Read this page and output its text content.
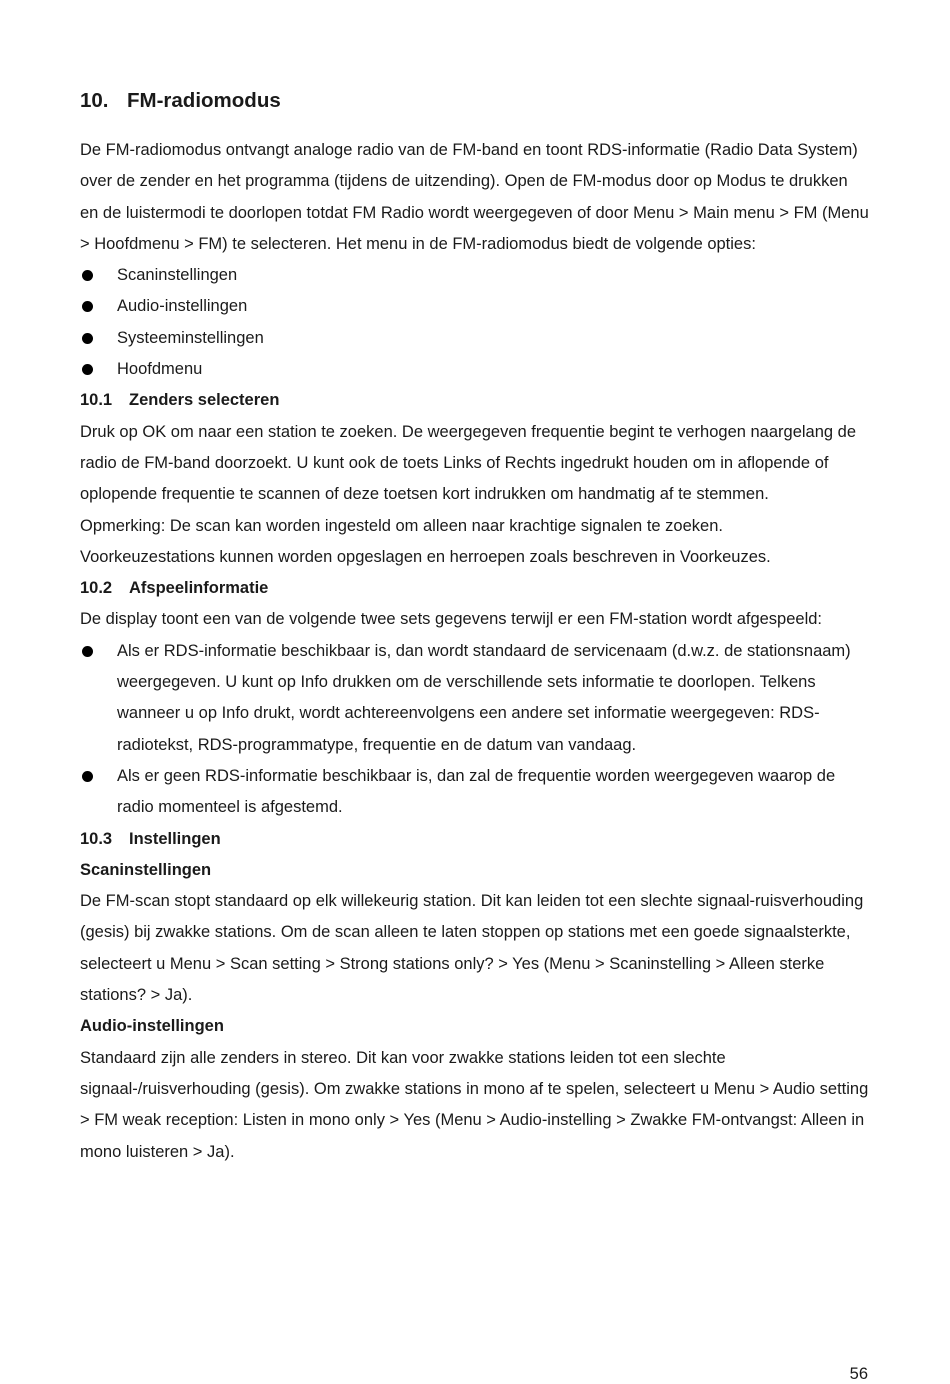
10. FM-radiomodus

De FM-radiomodus ontvangt analoge radio van de FM-band en toont RDS-informatie (Radio Data System) over de zender en het programma (tijdens de uitzending). Open de FM-modus door op Modus te drukken en de luistermodi te doorlopen totdat FM Radio wordt weergegeven of door Menu > Main menu > FM (Menu > Hoofdmenu > FM) te selecteren. Het menu in de FM-radiomodus biedt de volgende opties:

Scaninstellingen
Audio-instellingen
Systeeminstellingen
Hoofdmenu
10.1 Zenders selecteren

Druk op OK om naar een station te zoeken. De weergegeven frequentie begint te verhogen naargelang de radio de FM-band doorzoekt. U kunt ook de toets Links of Rechts ingedrukt houden om in aflopende of oplopende frequentie te scannen of deze toetsen kort indrukken om handmatig af te stemmen.

Opmerking: De scan kan worden ingesteld om alleen naar krachtige signalen te zoeken.

Voorkeuzestations kunnen worden opgeslagen en herroepen zoals beschreven in Voorkeuzes.

10.2 Afspeelinformatie

De display toont een van de volgende twee sets gegevens terwijl er een FM-station wordt afgespeeld:

Als er RDS-informatie beschikbaar is, dan wordt standaard de servicenaam (d.w.z. de stationsnaam) weergegeven. U kunt op Info drukken om de verschillende sets informatie te doorlopen. Telkens wanneer u op Info drukt, wordt achtereenvolgens een andere set informatie weergegeven: RDS-radiotekst, RDS-programmatype, frequentie en de datum van vandaag.
Als er geen RDS-informatie beschikbaar is, dan zal de frequentie worden weergegeven waarop de radio momenteel is afgestemd.
10.3 Instellingen
Scaninstellingen

De FM-scan stopt standaard op elk willekeurig station. Dit kan leiden tot een slechte signaal-ruisverhouding (gesis) bij zwakke stations. Om de scan alleen te laten stoppen op stations met een goede signaalsterkte, selecteert u Menu > Scan setting > Strong stations only? > Yes (Menu > Scaninstelling > Alleen sterke stations? > Ja).

Audio-instellingen

Standaard zijn alle zenders in stereo. Dit kan voor zwakke stations leiden tot een slechte signaal-/ruisverhouding (gesis). Om zwakke stations in mono af te spelen, selecteert u Menu > Audio setting > FM weak reception: Listen in mono only > Yes (Menu > Audio-instelling > Zwakke FM-ontvangst: Alleen in mono luisteren > Ja).

56
